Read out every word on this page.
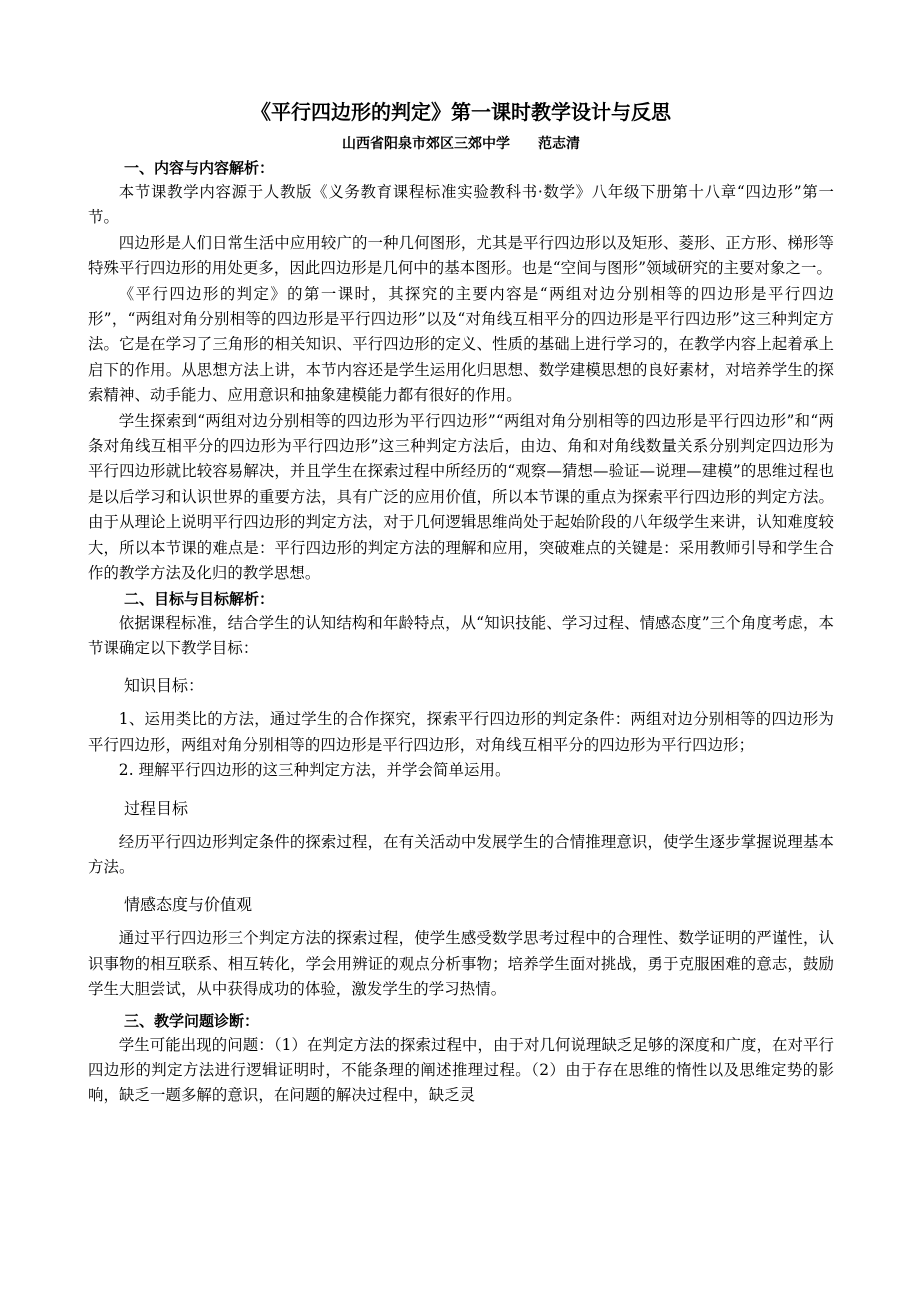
《平行四边形的判定》第一课时教学设计与反思
山西省阳泉市郊区三郊中学 范志清
一、内容与内容解析：

本节课教学内容源于人教版《义务教育课程标准实验教科书·数学》八年级下册第十八章“四边形”第一节。

四边形是人们日常生活中应用较广的一种几何图形，尤其是平行四边形以及矩形、菱形、正方形、梯形等特殊平行四边形的用处更多，因此四边形是几何中的基本图形。也是“空间与图形”领域研究的主要对象之一。

《平行四边形的判定》的第一课时，其探究的主要内容是“两组对边分别相等的四边形是平行四边形”，“两组对角分别相等的四边形是平行四边形”以及“对角线互相平分的四边形是平行四边形”这三种判定方法。它是在学习了三角形的相关知识、平行四边形的定义、性质的基础上进行学习的，在教学内容上起着承上启下的作用。从思想方法上讲，本节内容还是学生运用化归思想、数学建模思想的良好素材，对培养学生的探索精神、动手能力、应用意识和抽象建模能力都有很好的作用。

学生探索到“两组对边分别相等的四边形为平行四边形”“两组对角分别相等的四边形是平行四边形”和“两条对角线互相平分的四边形为平行四边形”这三种判定方法后，由边、角和对角线数量关系分别判定四边形为平行四边形就比较容易解决，并且学生在探索过程中所经历的“观察—猜想—验证—说理—建模”的思维过程也是以后学习和认识世界的重要方法，具有广泛的应用价值，所以本节课的重点为探索平行四边形的判定方法。由于从理论上说明平行四边形的判定方法，对于几何逻辑思维尚处于起始阶段的八年级学生来讲，认知难度较大，所以本节课的难点是：平行四边形的判定方法的理解和应用，突破难点的关键是：采用教师引导和学生合作的教学方法及化归的教学思想。

二、目标与目标解析：

依据课程标准，结合学生的认知结构和年龄特点，从“知识技能、学习过程、情感态度”三个角度考虑，本节课确定以下教学目标：

知识目标：

1、运用类比的方法，通过学生的合作探究，探索平行四边形的判定条件：两组对边分别相等的四边形为平行四边形，两组对角分别相等的四边形是平行四边形，对角线互相平分的四边形为平行四边形；

2. 理解平行四边形的这三种判定方法，并学会简单运用。

过程目标

经历平行四边形判定条件的探索过程，在有关活动中发展学生的合情推理意识，使学生逐步掌握说理基本方法。

情感态度与价值观

通过平行四边形三个判定方法的探索过程，使学生感受数学思考过程中的合理性、数学证明的严谨性，认识事物的相互联系、相互转化，学会用辨证的观点分析事物；培养学生面对挑战，勇于克服困难的意志，鼓励学生大胆尝试，从中获得成功的体验，激发学生的学习热情。

三、教学问题诊断：

学生可能出现的问题：（1）在判定方法的探索过程中，由于对几何说理缺乏足够的深度和广度，在对平行四边形的判定方法进行逻辑证明时，不能条理的阐述推理过程。（2）由于存在思维的惰性以及思维定势的影响，缺乏一题多解的意识，在问题的解决过程中，缺乏灵
